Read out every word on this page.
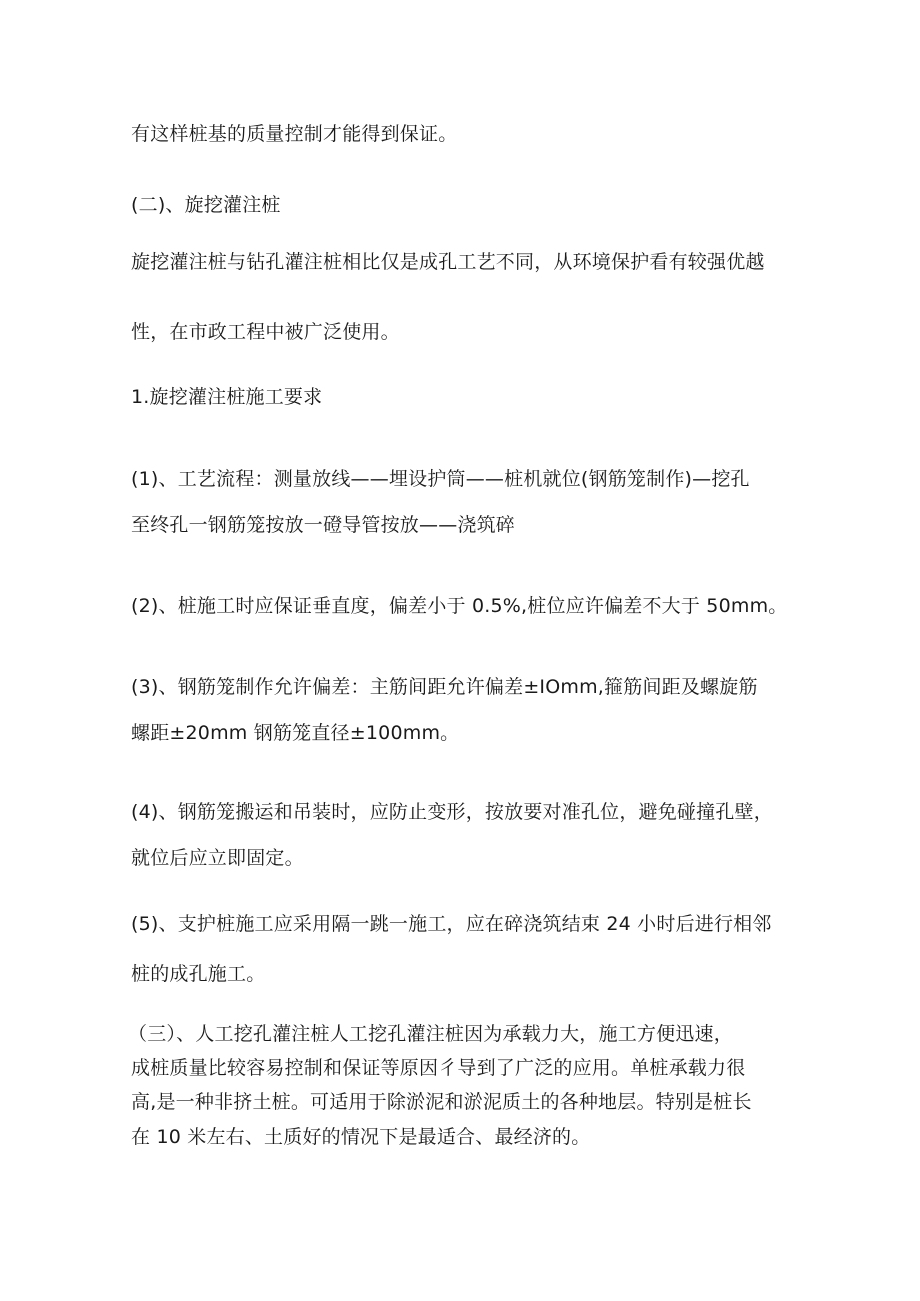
有这样桩基的质量控制才能得到保证。
(二)、旋挖灌注桩
旋挖灌注桩与钻孔灌注桩相比仅是成孔工艺不同，从环境保护看有较强优越
性，在市政工程中被广泛使用。
1.旋挖灌注桩施工要求
(1)、工艺流程：测量放线——埋设护筒——桩机就位(钢筋笼制作)—挖孔
至终孔一钢筋笼按放一磴导管按放——浇筑碎
(2)、桩施工时应保证垂直度，偏差小于 0.5%,桩位应许偏差不大于 50mm。
(3)、钢筋笼制作允许偏差：主筋间距允许偏差±IOmm,箍筋间距及螺旋筋
螺距±20mm 钢筋笼直径±100mm。
(4)、钢筋笼搬运和吊装时，应防止变形，按放要对准孔位，避免碰撞孔壁，
就位后应立即固定。
(5)、支护桩施工应采用隔一跳一施工，应在碎浇筑结束 24 小时后进行相邻
桩的成孔施工。
（三）、人工挖孔灌注桩人工挖孔灌注桩因为承载力大，施工方便迅速，
成桩质量比较容易控制和保证等原因彳导到了广泛的应用。单桩承载力很
高,是一种非挤土桩。可适用于除淤泥和淤泥质土的各种地层。特别是桩长
在 10 米左右、土质好的情况下是最适合、最经济的。
